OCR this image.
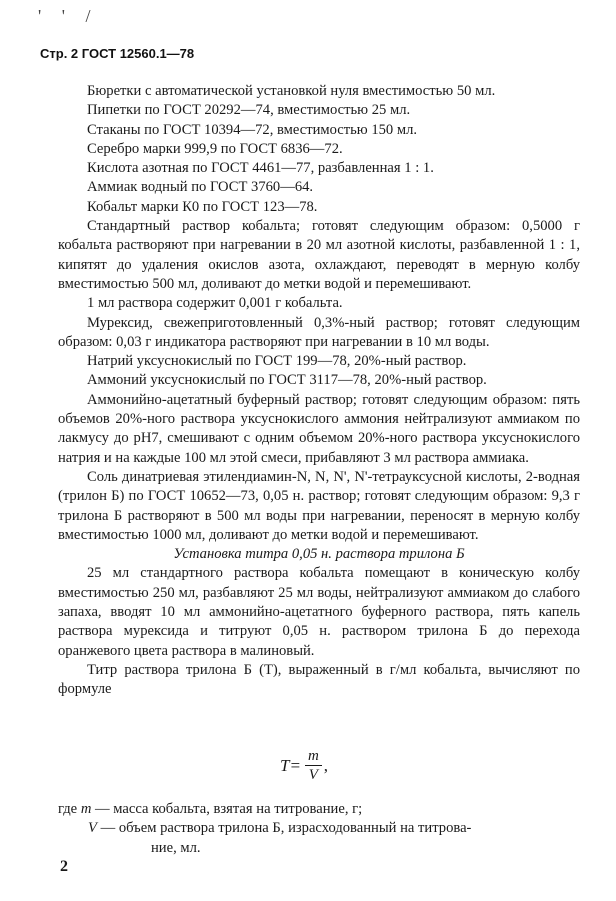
' ' /
Стр. 2 ГОСТ 12560.1—78

Бюретки с автоматической установкой нуля вместимостью 50 мл.

Пипетки по ГОСТ 20292—74, вместимостью 25 мл.

Стаканы по ГОСТ 10394—72, вместимостью 150 мл.

Серебро марки 999,9 по ГОСТ 6836—72.

Кислота азотная по ГОСТ 4461—77, разбавленная 1 : 1.

Аммиак водный по ГОСТ 3760—64.

Кобальт марки К0 по ГОСТ 123—78.

Стандартный раствор кобальта; готовят следующим образом: 0,5000 г кобальта растворяют при нагревании в 20 мл азотной кислоты, разбавленной 1 : 1, кипятят до удаления окислов азота, охлаждают, переводят в мерную колбу вместимостью 500 мл, доливают до метки водой и перемешивают.

1 мл раствора содержит 0,001 г кобальта.

Мурексид, свежеприготовленный 0,3%-ный раствор; готовят следующим образом: 0,03 г индикатора растворяют при нагревании в 10 мл воды.

Натрий уксуснокислый по ГОСТ 199—78, 20%-ный раствор.

Аммоний уксуснокислый по ГОСТ 3117—78, 20%-ный раствор.

Аммонийно-ацетатный буферный раствор; готовят следующим образом: пять объемов 20%-ного раствора уксуснокислого аммония нейтрализуют аммиаком по лакмусу до рН7, смешивают с одним объемом 20%-ного раствора уксуснокислого натрия и на каждые 100 мл этой смеси, прибавляют 3 мл раствора аммиака.

Соль динатриевая этилендиамин-N, N, N', N'-тетрауксусной кислоты, 2-водная (трилон Б) по ГОСТ 10652—73, 0,05 н. раствор; готовят следующим образом: 9,3 г трилона Б растворяют в 500 мл воды при нагревании, переносят в мерную колбу вместимостью 1000 мл, доливают до метки водой и перемешивают.

Установка титра 0,05 н. раствора трилона Б

25 мл стандартного раствора кобальта помещают в коническую колбу вместимостью 250 мл, разбавляют 25 мл воды, нейтрализуют аммиаком до слабого запаха, вводят 10 мл аммонийно-ацетатного буферного раствора, пять капель раствора мурексида и титруют 0,05 н. раствором трилона Б до перехода оранжевого цвета раствора в малиновый.

Титр раствора трилона Б (T), выраженный в г/мл кобальта, вычисляют по формуле

$T= \frac{m}{V}$ ,
где m — масса кобальта, взятая на титрование, г;
V — объем раствора трилона Б, израсходованный на титрова-
ние, мл.
2
